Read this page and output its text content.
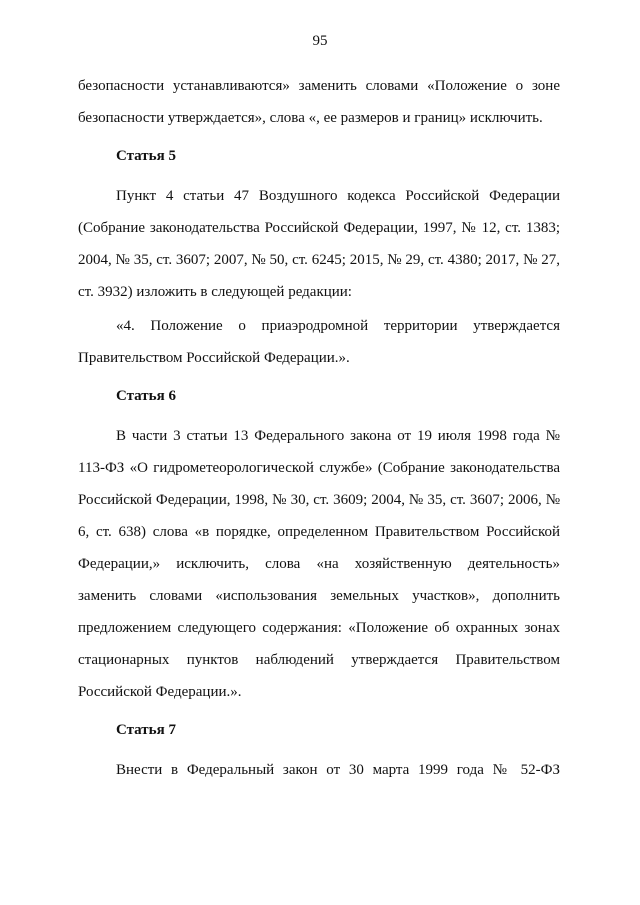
95

безопасности устанавливаются» заменить словами «Положение о зоне безопасности утверждается», слова «, ее размеров и границ» исключить.

Статья 5

Пункт 4 статьи 47 Воздушного кодекса Российской Федерации (Собрание законодательства Российской Федерации, 1997, № 12, ст. 1383; 2004, № 35, ст. 3607; 2007, № 50, ст. 6245; 2015, № 29, ст. 4380; 2017, № 27, ст. 3932) изложить в следующей редакции:

«4. Положение о приаэродромной территории утверждается Правительством Российской Федерации.».

Статья 6

В части 3 статьи 13 Федерального закона от 19 июля 1998 года № 113-ФЗ «О гидрометеорологической службе» (Собрание законодательства Российской Федерации, 1998, № 30, ст. 3609; 2004, № 35, ст. 3607; 2006, № 6, ст. 638) слова «в порядке, определенном Правительством Российской Федерации,» исключить, слова «на хозяйственную деятельность» заменить словами «использования земельных участков», дополнить предложением следующего содержания: «Положение об охранных зонах стационарных пунктов наблюдений утверждается Правительством Российской Федерации.».

Статья 7

Внести в Федеральный закон от 30 марта 1999 года № 52-ФЗ
